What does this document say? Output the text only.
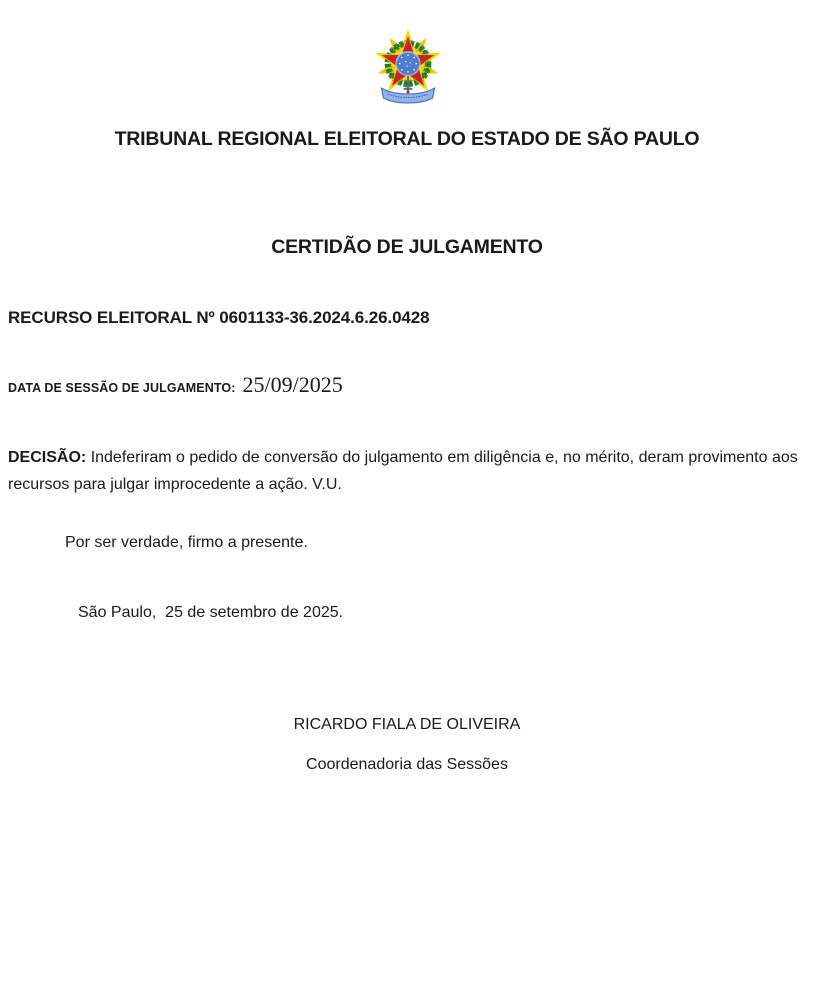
TRIBUNAL REGIONAL ELEITORAL DO ESTADO DE SÃO PAULO
CERTIDÃO DE JULGAMENTO
RECURSO ELEITORAL Nº 0601133-36.2024.6.26.0428
DATA DE SESSÃO DE JULGAMENTO: 25/09/2025
DECISÃO: Indeferiram o pedido de conversão do julgamento em diligência e, no mérito, deram provimento aos recursos para julgar improcedente a ação. V.U.
Por ser verdade, firmo a presente.
São Paulo,  25 de setembro de 2025.
RICARDO FIALA DE OLIVEIRA
Coordenadoria das Sessões
